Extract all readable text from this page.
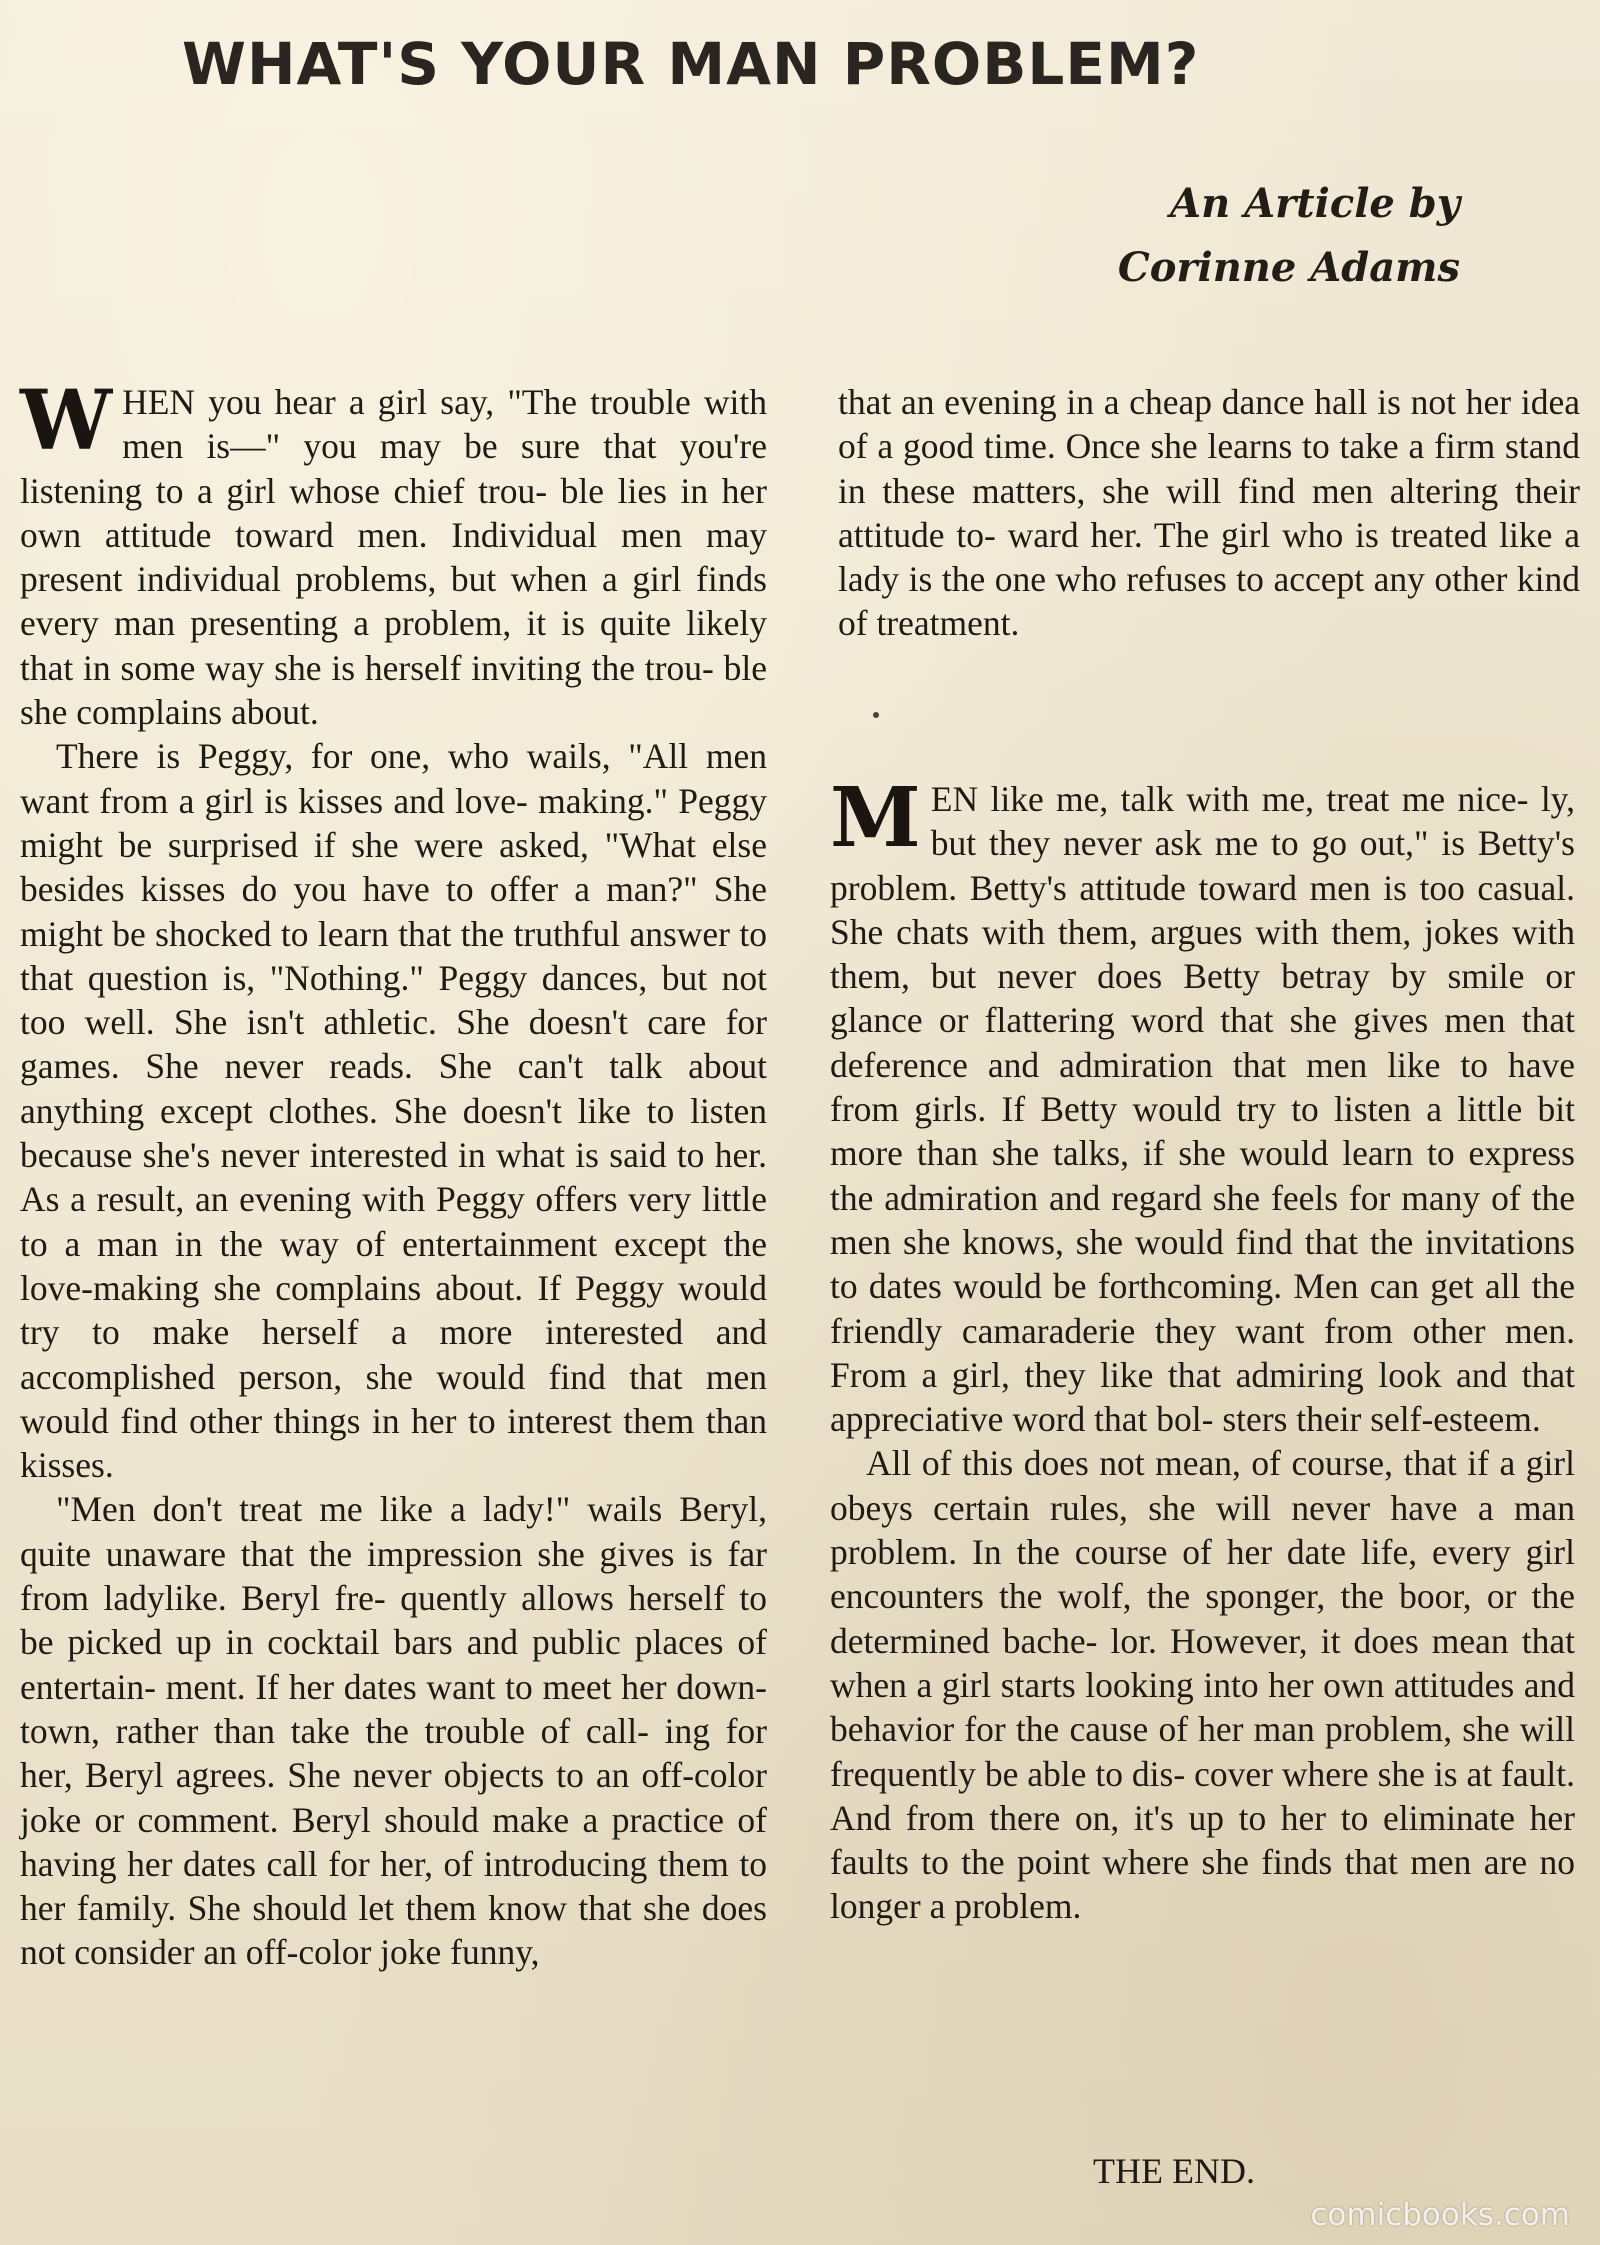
WHAT'S YOUR MAN PROBLEM?
An Article by
Corinne Adams

WHEN you hear a girl say, "The trouble with men is—" you may be sure that you're listening to a girl whose chief trou- ble lies in her own attitude toward men. Individual men may present individual problems, but when a girl finds every man presenting a problem, it is quite likely that in some way she is herself inviting the trou- ble she complains about.

There is Peggy, for one, who wails, "All men want from a girl is kisses and love- making." Peggy might be surprised if she were asked, "What else besides kisses do you have to offer a man?" She might be shocked to learn that the truthful answer to that question is, "Nothing." Peggy dances, but not too well. She isn't athletic. She doesn't care for games. She never reads. She can't talk about anything except clothes. She doesn't like to listen because she's never interested in what is said to her. As a result, an evening with Peggy offers very little to a man in the way of entertainment except the love-making she complains about. If Peggy would try to make herself a more interested and accomplished person, she would find that men would find other things in her to interest them than kisses.

"Men don't treat me like a lady!" wails Beryl, quite unaware that the impression she gives is far from ladylike. Beryl fre- quently allows herself to be picked up in cocktail bars and public places of entertain- ment. If her dates want to meet her down- town, rather than take the trouble of call- ing for her, Beryl agrees. She never objects to an off-color joke or comment. Beryl should make a practice of having her dates call for her, of introducing them to her family. She should let them know that she does not consider an off-color joke funny,

that an evening in a cheap dance hall is not her idea of a good time. Once she learns to take a firm stand in these matters, she will find men altering their attitude to- ward her. The girl who is treated like a lady is the one who refuses to accept any other kind of treatment.

MEN like me, talk with me, treat me nice- ly, but they never ask me to go out," is Betty's problem. Betty's attitude toward men is too casual. She chats with them, argues with them, jokes with them, but never does Betty betray by smile or glance or flattering word that she gives men that deference and admiration that men like to have from girls. If Betty would try to listen a little bit more than she talks, if she would learn to express the admiration and regard she feels for many of the men she knows, she would find that the invitations to dates would be forthcoming. Men can get all the friendly camaraderie they want from other men. From a girl, they like that admiring look and that appreciative word that bol- sters their self-esteem.

All of this does not mean, of course, that if a girl obeys certain rules, she will never have a man problem. In the course of her date life, every girl encounters the wolf, the sponger, the boor, or the determined bache- lor. However, it does mean that when a girl starts looking into her own attitudes and behavior for the cause of her man problem, she will frequently be able to dis- cover where she is at fault. And from there on, it's up to her to eliminate her faults to the point where she finds that men are no longer a problem.

THE END.
comicbooks.com
